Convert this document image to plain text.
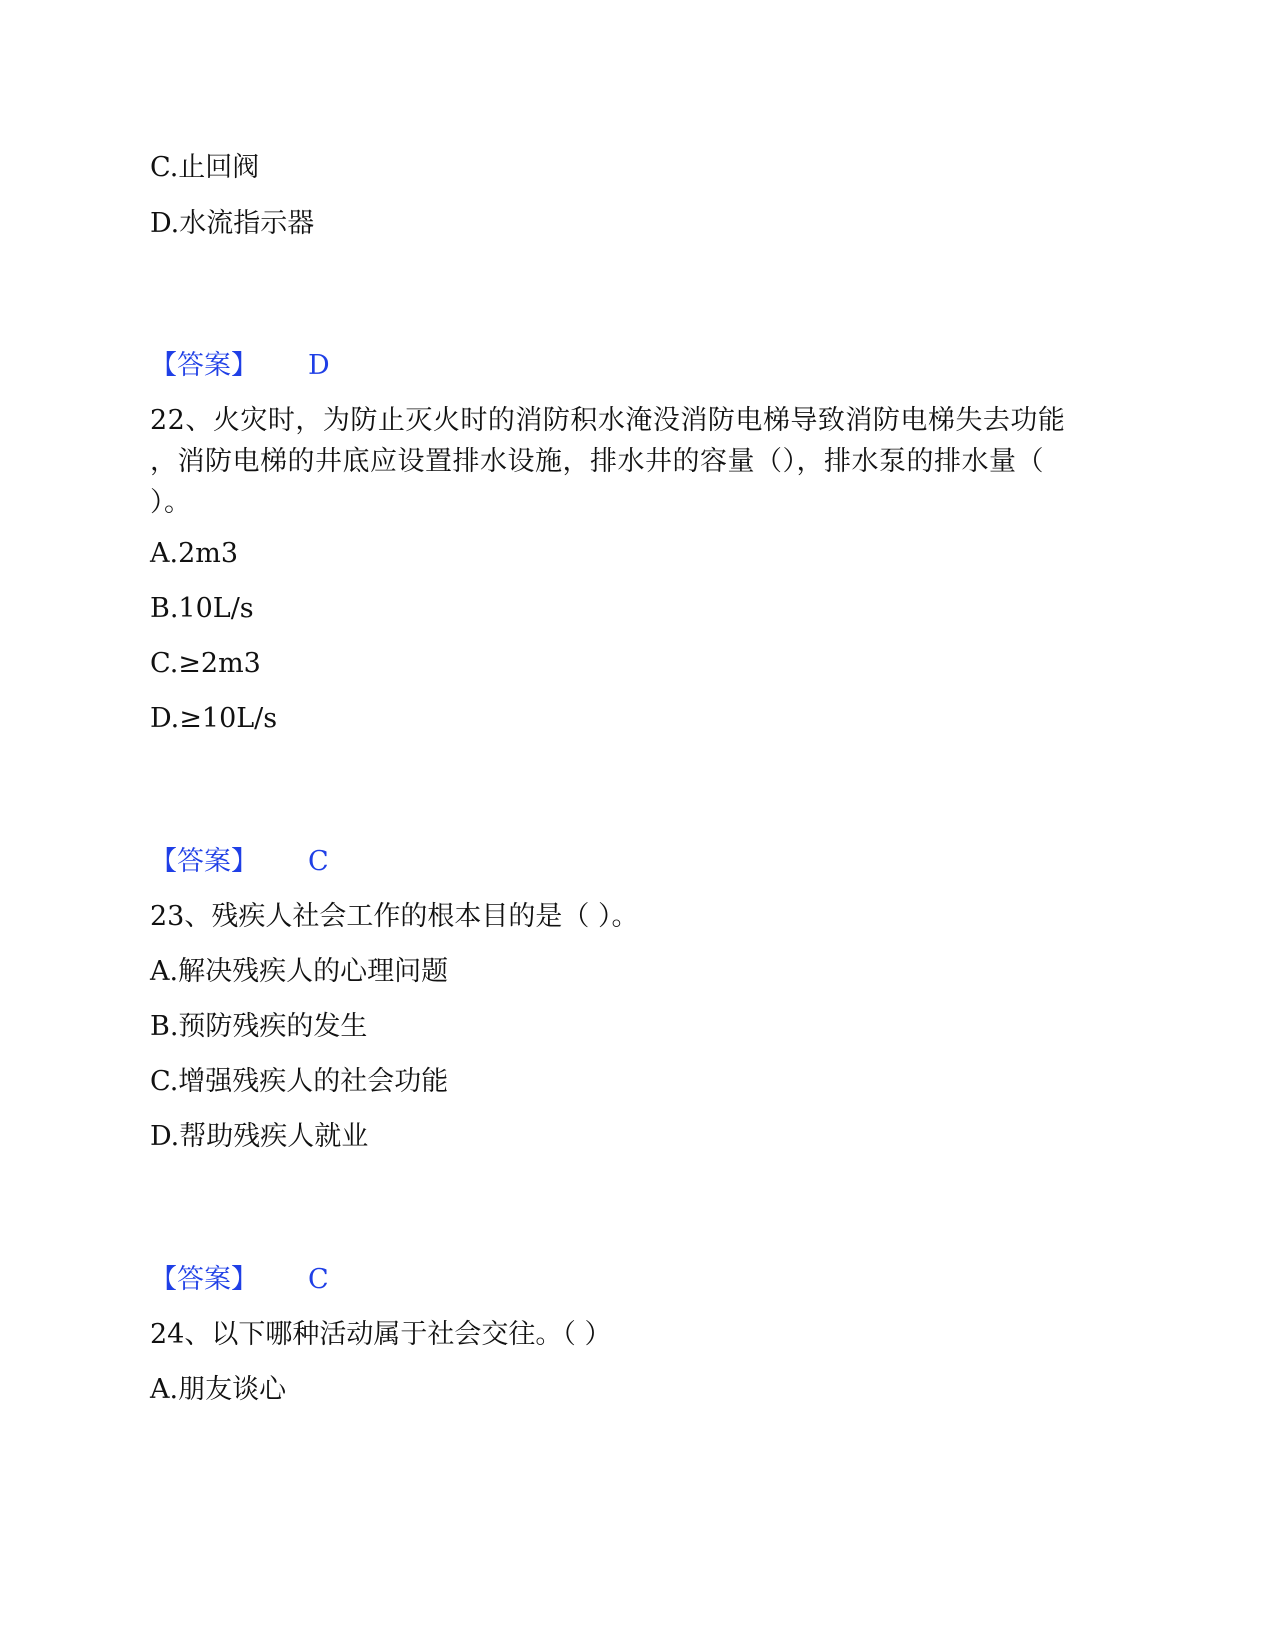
C.止回阀
D.水流指示器
【答案】 D
22、火灾时，为防止灭火时的消防积水淹没消防电梯导致消防电梯失去功能
，消防电梯的井底应设置排水设施，排水井的容量（），排水泵的排水量（
）。
A.2m3
B.10L/s
C.≥2m3
D.≥10L/s
【答案】 C
23、残疾人社会工作的根本目的是（ ）。
A.解决残疾人的心理问题
B.预防残疾的发生
C.增强残疾人的社会功能
D.帮助残疾人就业
【答案】 C
24、以下哪种活动属于社会交往。（ ）
A.朋友谈心
